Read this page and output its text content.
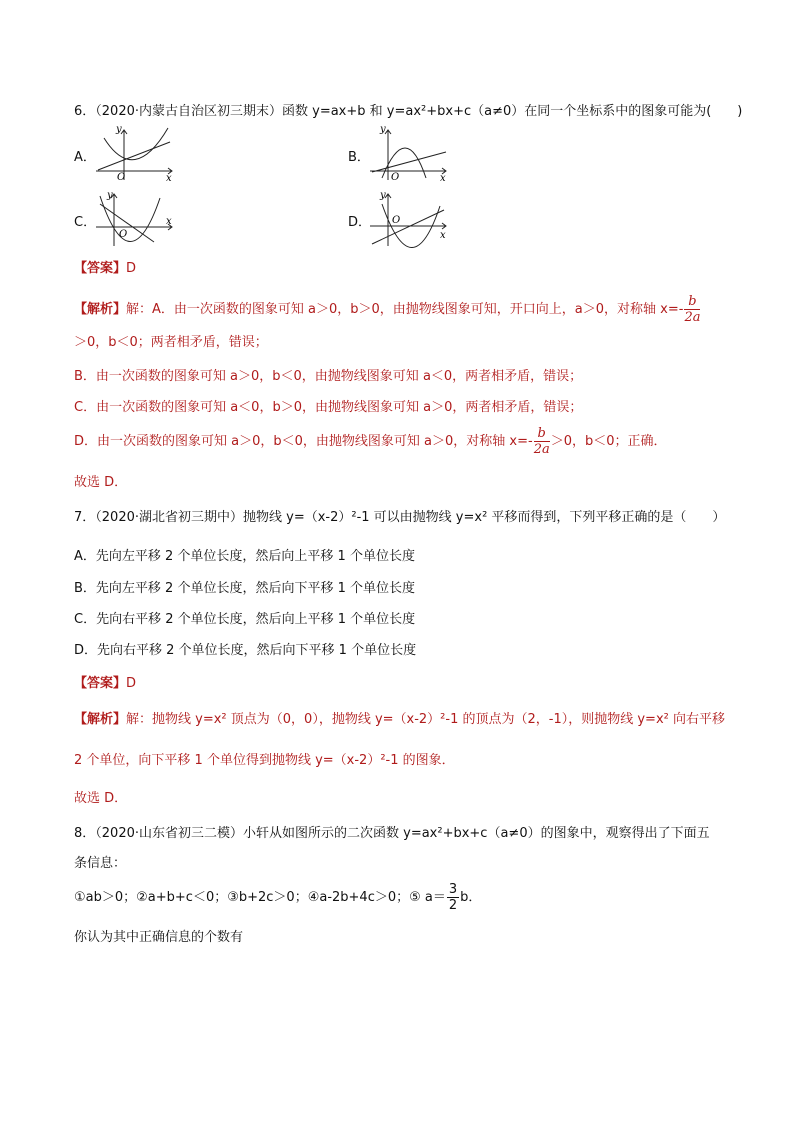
6．（2020·内蒙古自治区初三期末）函数 y=ax+b 和 y=ax²+bx+c（a≠0）在同一个坐标系中的图象可能为(　　)
A．
y
O	x
B．
y
O	x
C．
y
O
x	D．
y
O
x
【答案】D
【解析】解：A．由一次函数的图象可知 a＞0，b＞0，由抛物线图象可知，开口向上，a＞0，对称轴 $x=- \frac{b}{2a}$
＞0，b＜0；两者相矛盾，错误；
B．由一次函数的图象可知 a＞0，b＜0，由抛物线图象可知 a＜0，两者相矛盾，错误；
C．由一次函数的图象可知 a＜0，b＞0，由抛物线图象可知 a＞0，两者相矛盾，错误；
D．由一次函数的图象可知 a＞0，b＜0，由抛物线图象可知 a＞0，对称轴 $x=- \frac{b}{2a} >0$，b＜0；正确．
故选 D．
7．（2020·湖北省初三期中）抛物线 y=（x-2）²-1 可以由抛物线 y=x² 平移而得到，下列平移正确的是（　　）
A．先向左平移 2 个单位长度，然后向上平移 1 个单位长度
B．先向左平移 2 个单位长度，然后向下平移 1 个单位长度
C．先向右平移 2 个单位长度，然后向上平移 1 个单位长度
D．先向右平移 2 个单位长度，然后向下平移 1 个单位长度
【答案】D
【解析】解：抛物线 y=x² 顶点为（0，0），抛物线 y=（x-2）²-1 的顶点为（2，-1），则抛物线 y=x² 向右平移
2 个单位，向下平移 1 个单位得到抛物线 y=（x-2）²-1 的图象．
故选 D．
8．（2020·山东省初三二模）小轩从如图所示的二次函数 y=ax²+bx+c（a≠0）的图象中，观察得出了下面五
条信息：
①ab＞0；②a+b+c＜0；③b+2c＞0；④a-2b+4c＞0；⑤ $a= \frac{3}{2}$ b．
你认为其中正确信息的个数有
